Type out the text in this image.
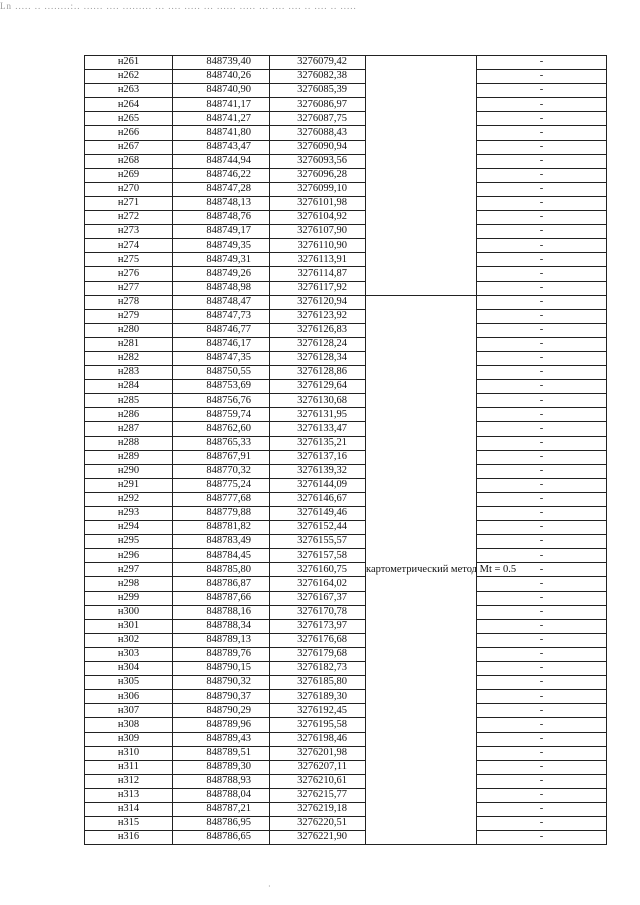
Ln ..... .. ........:.. ...... .... ......... ... .... ..... ... ...... ..... ... .... .... .. .... .. .....
н261	848739,40	3276079,42		-
н262	848740,26	3276082,38		-
н263	848740,90	3276085,39		-
н264	848741,17	3276086,97		-
н265	848741,27	3276087,75		-
н266	848741,80	3276088,43		-
н267	848743,47	3276090,94		-
н268	848744,94	3276093,56		-
н269	848746,22	3276096,28		-
н270	848747,28	3276099,10		-
н271	848748,13	3276101,98		-
н272	848748,76	3276104,92		-
н273	848749,17	3276107,90		-
н274	848749,35	3276110,90		-
н275	848749,31	3276113,91		-
н276	848749,26	3276114,87		-
н277	848748,98	3276117,92		-
н278	848748,47	3276120,94	картометрический метод Mt = 0.5	-
н279	848747,73	3276123,92		-
н280	848746,77	3276126,83		-
н281	848746,17	3276128,24		-
н282	848747,35	3276128,34		-
н283	848750,55	3276128,86		-
н284	848753,69	3276129,64		-
н285	848756,76	3276130,68		-
н286	848759,74	3276131,95		-
н287	848762,60	3276133,47		-
н288	848765,33	3276135,21		-
н289	848767,91	3276137,16		-
н290	848770,32	3276139,32		-
н291	848775,24	3276144,09		-
н292	848777,68	3276146,67		-
н293	848779,88	3276149,46		-
н294	848781,82	3276152,44		-
н295	848783,49	3276155,57		-
н296	848784,45	3276157,58		-
н297	848785,80	3276160,75		-
н298	848786,87	3276164,02		-
н299	848787,66	3276167,37		-
н300	848788,16	3276170,78		-
н301	848788,34	3276173,97		-
н302	848789,13	3276176,68		-
н303	848789,76	3276179,68		-
н304	848790,15	3276182,73		-
н305	848790,32	3276185,80		-
н306	848790,37	3276189,30		-
н307	848790,29	3276192,45		-
н308	848789,96	3276195,58		-
н309	848789,43	3276198,46		-
н310	848789,51	3276201,98		-
н311	848789,30	3276207,11		-
н312	848788,93	3276210,61		-
н313	848788,04	3276215,77		-
н314	848787,21	3276219,18		-
н315	848786,95	3276220,51		-
н316	848786,65	3276221,90		-
·
